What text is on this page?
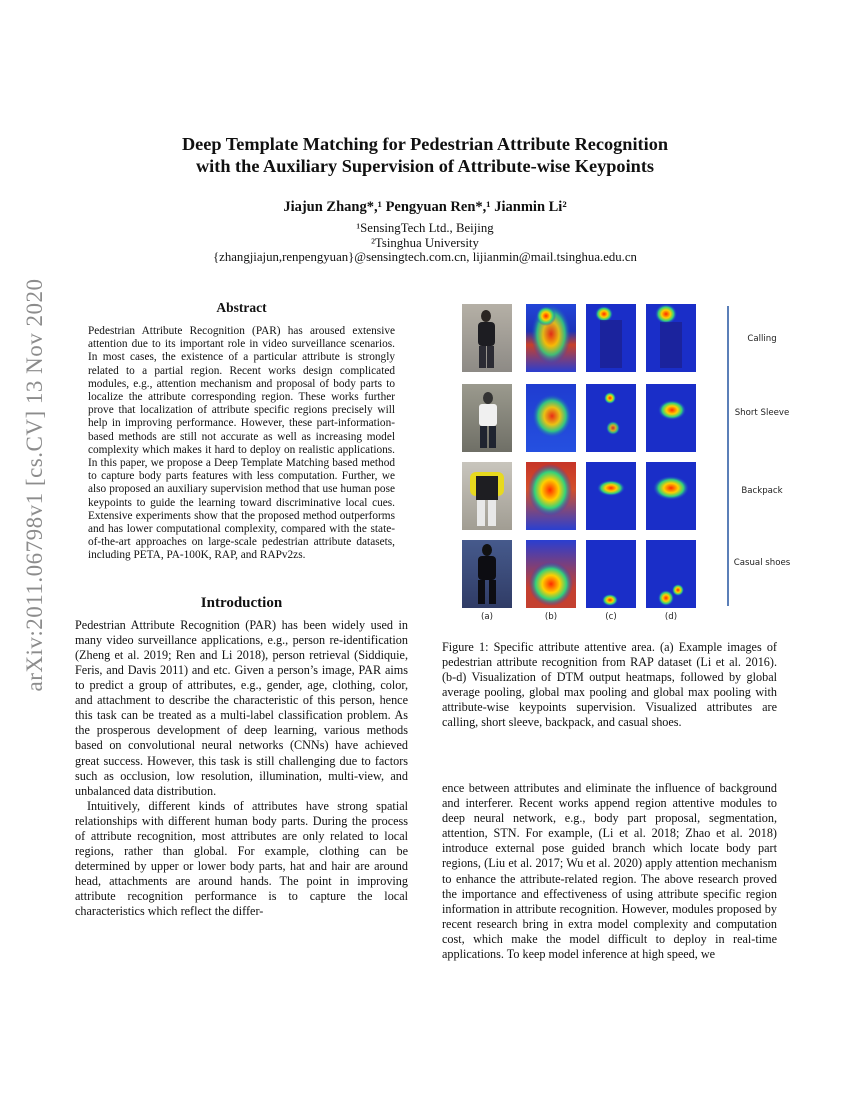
arXiv:2011.06798v1 [cs.CV] 13 Nov 2020
Deep Template Matching for Pedestrian Attribute Recognition
with the Auxiliary Supervision of Attribute-wise Keypoints
Jiajun Zhang*,¹ Pengyuan Ren*,¹ Jianmin Li²
¹SensingTech Ltd., Beijing
²Tsinghua University
{zhangjiajun,renpengyuan}@sensingtech.com.cn, lijianmin@mail.tsinghua.edu.cn
Abstract

Pedestrian Attribute Recognition (PAR) has aroused extensive attention due to its important role in video surveillance scenarios. In most cases, the existence of a particular attribute is strongly related to a partial region. Recent works design complicated modules, e.g., attention mechanism and proposal of body parts to localize the attribute corresponding region. These works further prove that localization of attribute specific regions precisely will help in improving performance. However, these part-information-based methods are still not accurate as well as increasing model complexity which makes it hard to deploy on realistic applications. In this paper, we propose a Deep Template Matching based method to capture body parts features with less computation. Further, we also proposed an auxiliary supervision method that use human pose keypoints to guide the learning toward discriminative local cues. Extensive experiments show that the proposed method outperforms and has lower computational complexity, compared with the state-of-the-art approaches on large-scale pedestrian attribute datasets, including PETA, PA-100K, RAP, and RAPv2zs.

Introduction

Pedestrian Attribute Recognition (PAR) has been widely used in many video surveillance applications, e.g., person re-identification (Zheng et al. 2019; Ren and Li 2018), person retrieval (Siddiquie, Feris, and Davis 2011) and etc. Given a person’s image, PAR aims to predict a group of attributes, e.g., gender, age, clothing, color, and attachment to describe the characteristic of this person, hence this task can be treated as a multi-label classification problem. As the prosperous development of deep learning, various methods based on convolutional neural networks (CNNs) have achieved great success. However, this task is still challenging due to factors such as occlusion, low resolution, illumination, multi-view, and unbalanced data distribution.

Intuitively, different kinds of attributes have strong spatial relationships with different human body parts. During the process of attribute recognition, most attributes are only related to local regions, rather than global. For example, clothing can be determined by upper or lower body parts, hat and hair are around head, attachments are around hands. The point in improving attribute recognition performance is to capture the local characteristics which reflect the differ-

Calling
Short Sleeve
Backpack
Casual shoes
(a)	(b)	(c)	(d)
Figure 1: Specific attribute attentive area. (a) Example images of pedestrian attribute recognition from RAP dataset (Li et al. 2016). (b-d) Visualization of DTM output heatmaps, followed by global average pooling, global max pooling and global max pooling with attribute-wise keypoints supervision. Visualized attributes are calling, short sleeve, backpack, and casual shoes.

ence between attributes and eliminate the influence of background and interferer. Recent works append region attentive modules to deep neural network, e.g., body part proposal, segmentation, attention, STN. For example, (Li et al. 2018; Zhao et al. 2018) introduce external pose guided branch which locate body part regions, (Liu et al. 2017; Wu et al. 2020) apply attention mechanism to enhance the attribute-related region. The above research proved the importance and effectiveness of using attribute specific region information in attribute recognition. However, modules proposed by recent research bring in extra model complexity and computation cost, which make the model difficult to deploy in real-time applications. To keep model inference at high speed, we
